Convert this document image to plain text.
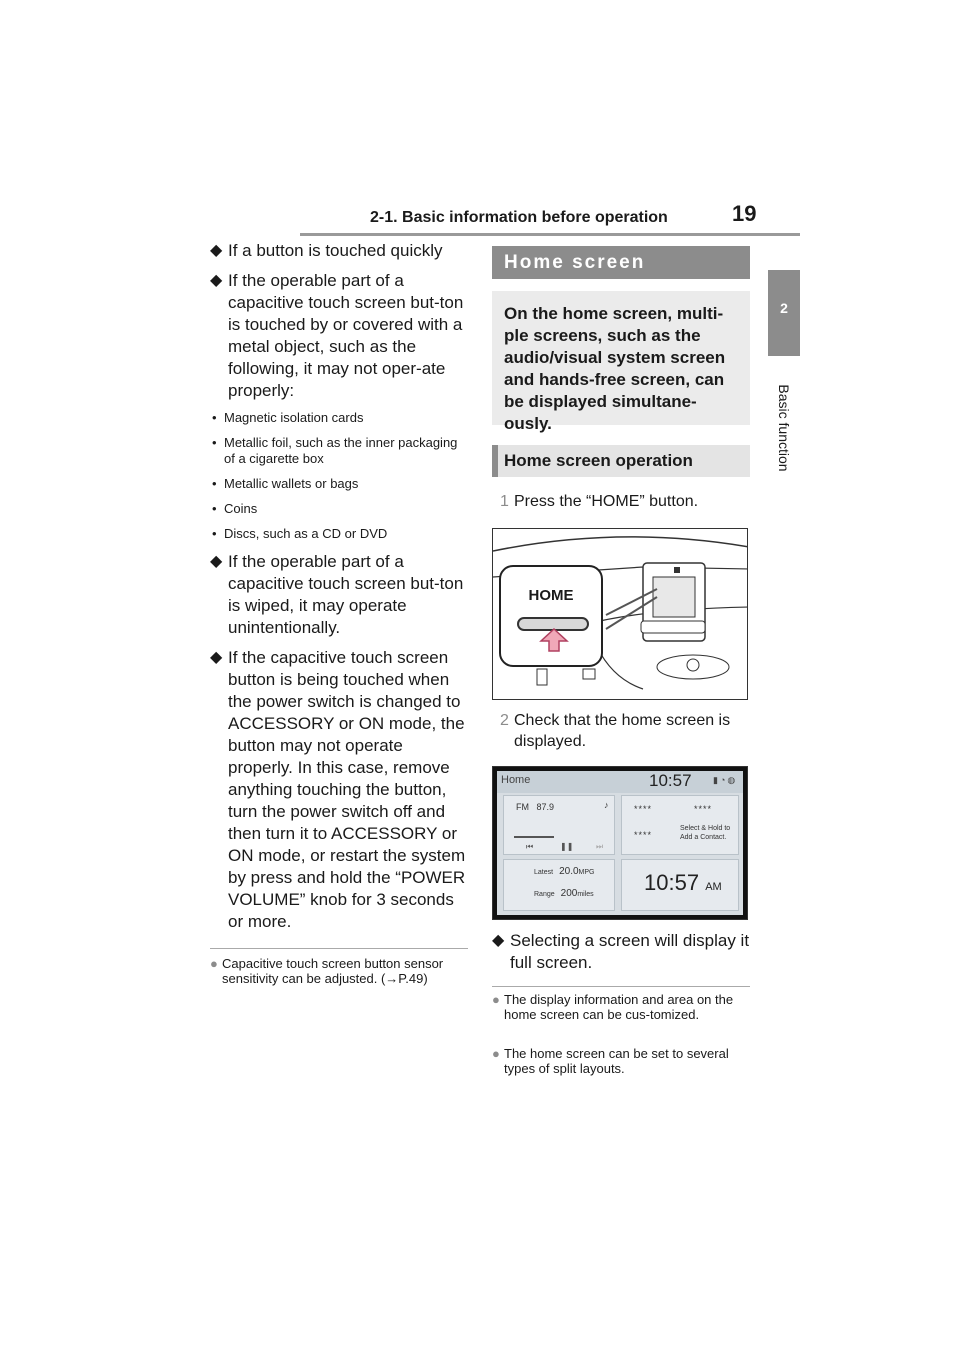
2-1. Basic information before operation	19
2
Basic function
◆ If a button is touched quickly
◆ If the operable part of a capacitive touch screen but-ton is touched by or covered with a metal object, such as the following, it may not oper-ate properly:
• Magnetic isolation cards
• Metallic foil, such as the inner packaging of a cigarette box
• Metallic wallets or bags
• Coins
• Discs, such as a CD or DVD
◆ If the operable part of a capacitive touch screen but-ton is wiped, it may operate unintentionally.
◆ If the capacitive touch screen button is being touched when the power switch is changed to ACCESSORY or ON mode, the button may not operate properly. In this case, remove anything touching the button, turn the power switch off and then turn it to ACCESSORY or ON mode, or restart the system by press and hold the “POWER VOLUME” knob for 3 seconds or more.
● Capacitive touch screen button sensor sensitivity can be adjusted. (→P.49)
Home screen
On the home screen, multi-ple screens, such as the audio/visual system screen and hands-free screen, can be displayed simultane-ously.
Home screen operation
1 Press the “HOME” button.
HOME
2 Check that the home screen is displayed.
Home	10:57 ▮◔◍
FM 87.9	♪
⏮	❚❚	⏭
****	****
****
Select & Hold to
Add a Contact.
Latest 20.0MPG
Range 200miles 10:57 AM
◆ Selecting a screen will display it full screen.
● The display information and area on the home screen can be cus-tomized.
● The home screen can be set to several types of split layouts.
